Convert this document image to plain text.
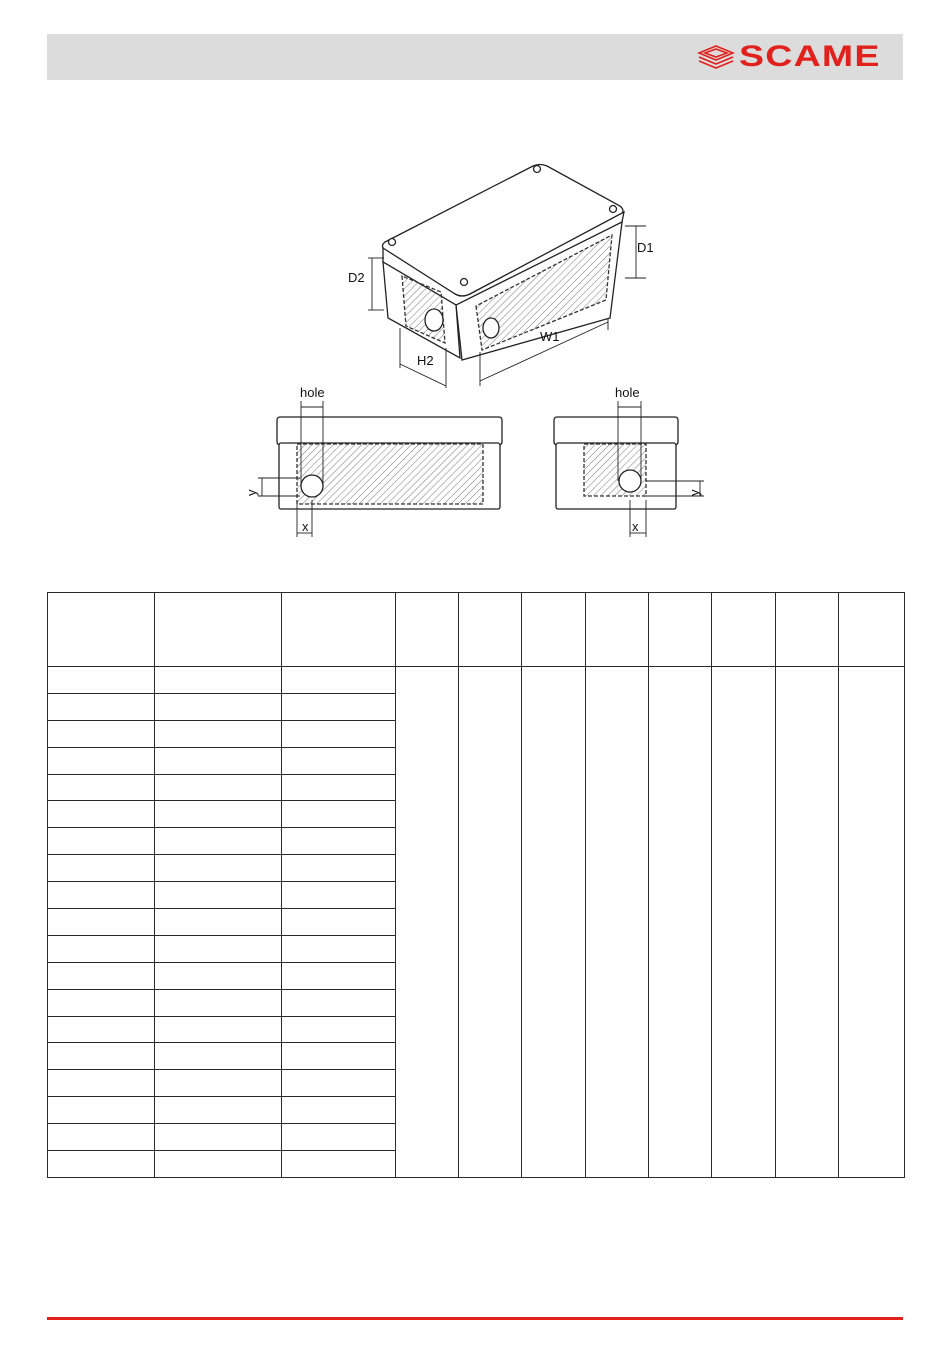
SCAME
D1
D2
H2
W1
hole	hole
y
x
y
x
